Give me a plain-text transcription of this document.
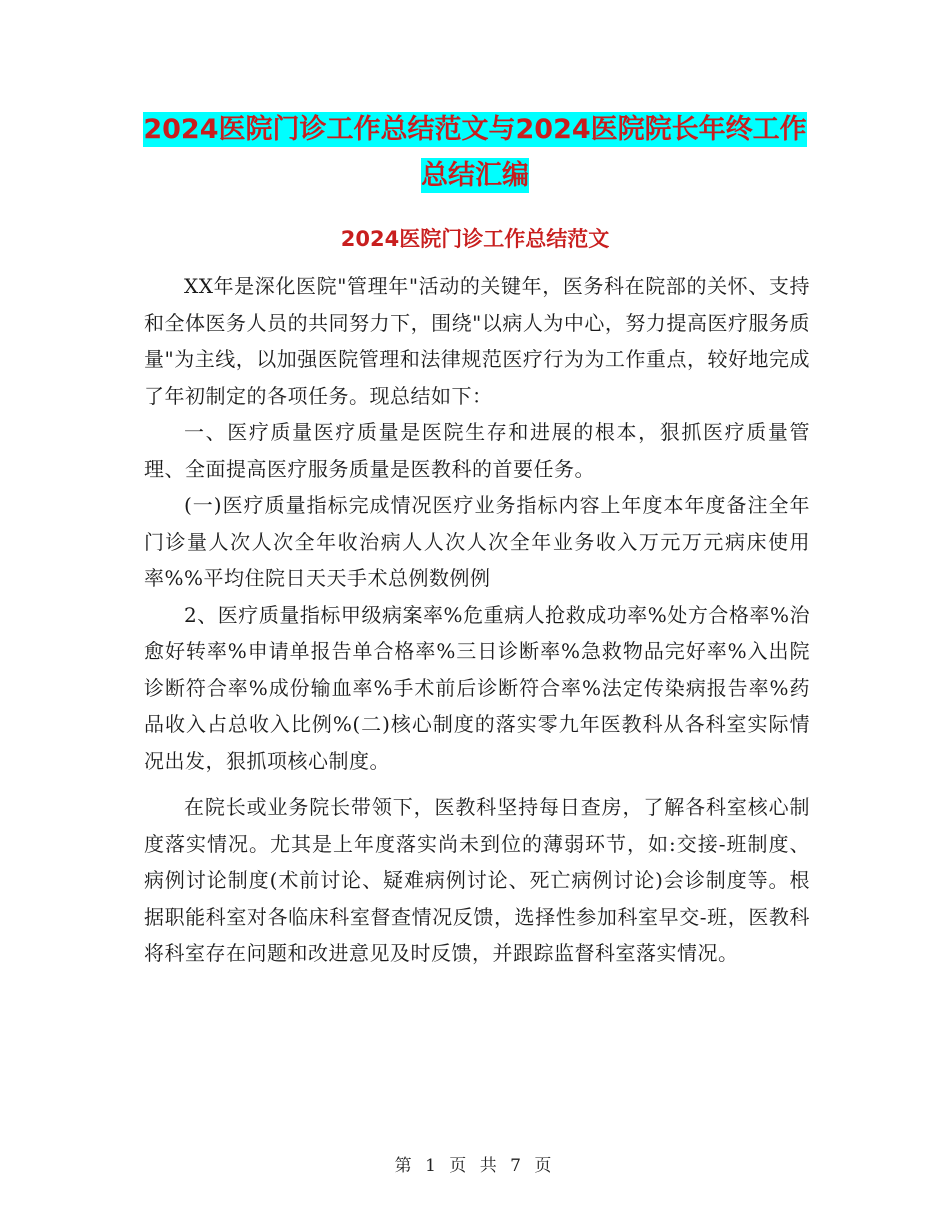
2024医院门诊工作总结范文与2024医院院长年终工作
总结汇编
2024医院门诊工作总结范文

XX年是深化医院"管理年"活动的关键年，医务科在院部的关怀、支持和全体医务人员的共同努力下，围绕"以病人为中心，努力提高医疗服务质量"为主线，以加强医院管理和法律规范医疗行为为工作重点，较好地完成了年初制定的各项任务。现总结如下：

一、医疗质量医疗质量是医院生存和进展的根本，狠抓医疗质量管理、全面提高医疗服务质量是医教科的首要任务。

(一)医疗质量指标完成情况医疗业务指标内容上年度本年度备注全年门诊量人次人次全年收治病人人次人次全年业务收入万元万元病床使用率%%平均住院日天天手术总例数例例

2、医疗质量指标甲级病案率%危重病人抢救成功率%处方合格率%治愈好转率%申请单报告单合格率%三日诊断率%急救物品完好率%入出院诊断符合率%成份输血率%手术前后诊断符合率%法定传染病报告率%药品收入占总收入比例%(二)核心制度的落实零九年医教科从各科室实际情况出发，狠抓项核心制度。

在院长或业务院长带领下，医教科坚持每日查房，了解各科室核心制度落实情况。尤其是上年度落实尚未到位的薄弱环节，如:交接-班制度、病例讨论制度(术前讨论、疑难病例讨论、死亡病例讨论)会诊制度等。根据职能科室对各临床科室督查情况反馈，选择性参加科室早交-班，医教科将科室存在问题和改进意见及时反馈，并跟踪监督科室落实情况。

第 1 页 共 7 页
